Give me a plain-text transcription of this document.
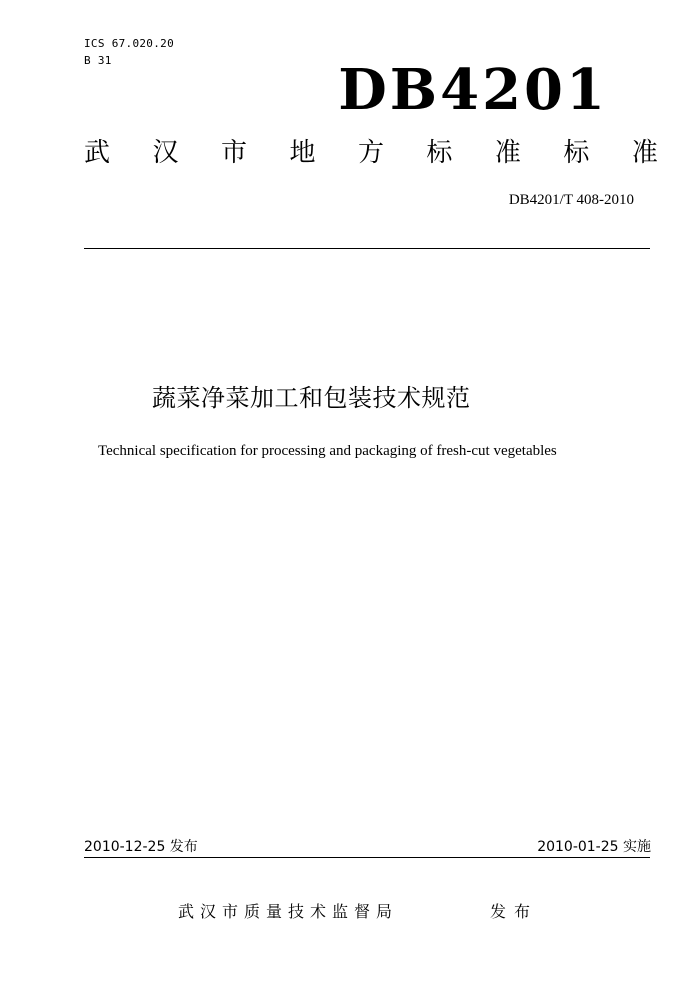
ICS 67.020.20
B 31	DB4201
武 汉 市 地 方 标 准 标 准
DB4201/T 408-2010
蔬菜净菜加工和包装技术规范
Technical specification for processing and packaging of fresh-cut vegetables
2010-12-25 发布	2010-01-25 实施
武汉市质量技术监督局	发布
